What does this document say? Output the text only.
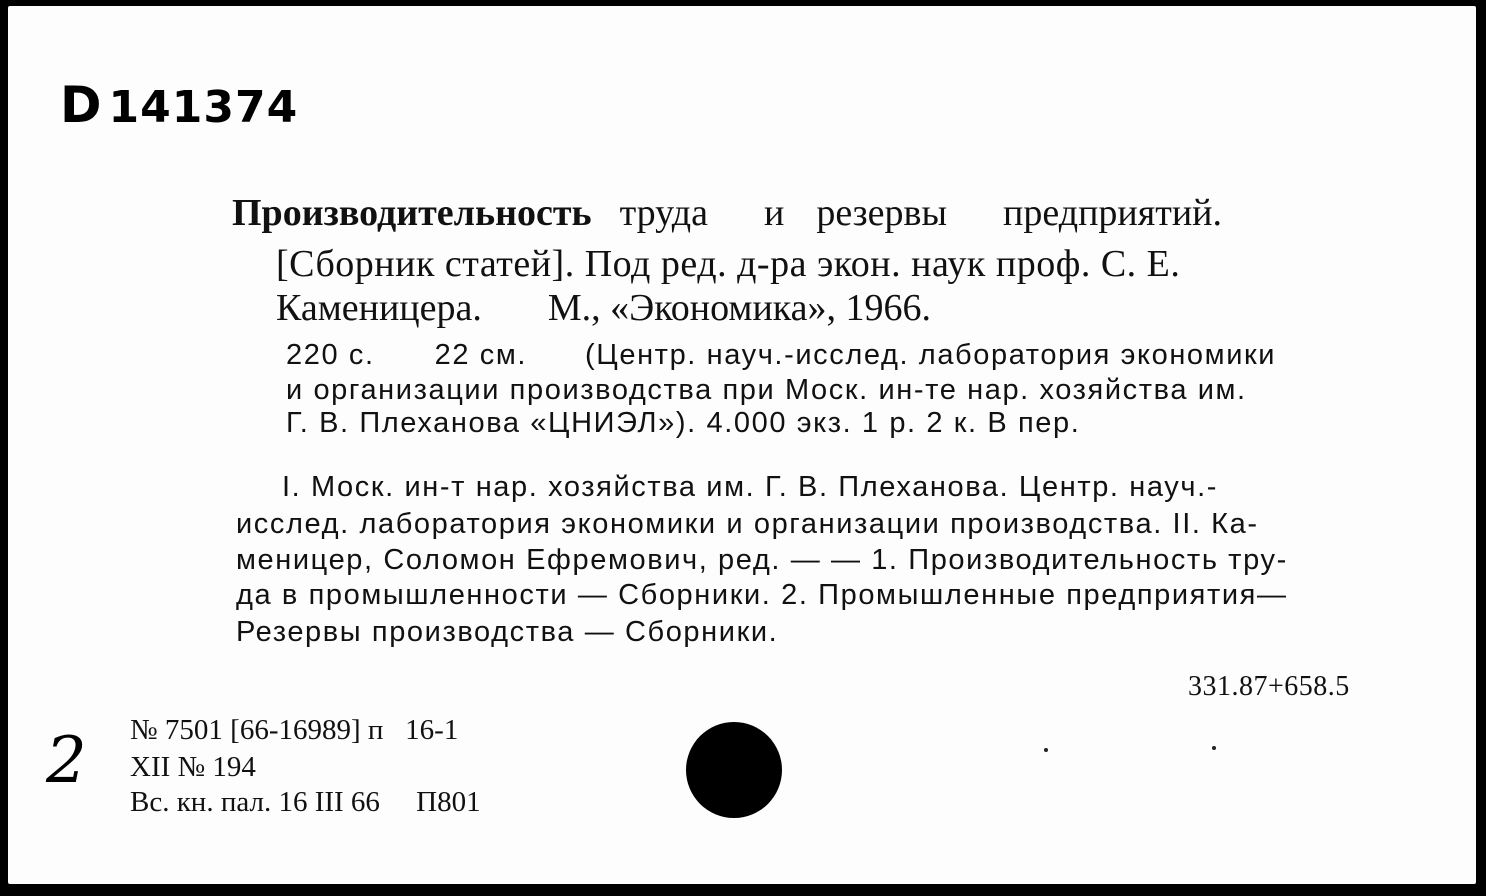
D 141374
Производительность труда и резервы предприятий.
[Сборник статей]. Под ред. д-ра экон. наук проф. С. Е.
Каменицера. М., «Экономика», 1966.
220 с. 22 см. (Центр. науч.-исслед. лаборатория экономики
и организации производства при Моск. ин-те нар. хозяйства им.
Г. В. Плеханова «ЦНИЭЛ»). 4.000 экз. 1 р. 2 к. В пер.
I. Моск. ин-т нар. хозяйства им. Г. В. Плеханова. Центр. науч.-
исслед. лаборатория экономики и организации производства. II. Ка-
меницер, Соломон Ефремович, ред. — — 1. Производительность тру-
да в промышленности — Сборники. 2. Промышленные предприятия—
Резервы производства — Сборники.
331.87+658.5
2 № 7501 [66-16989] п   16-1
XII № 194
Вс. кн. пал. 16 III 66     П801
